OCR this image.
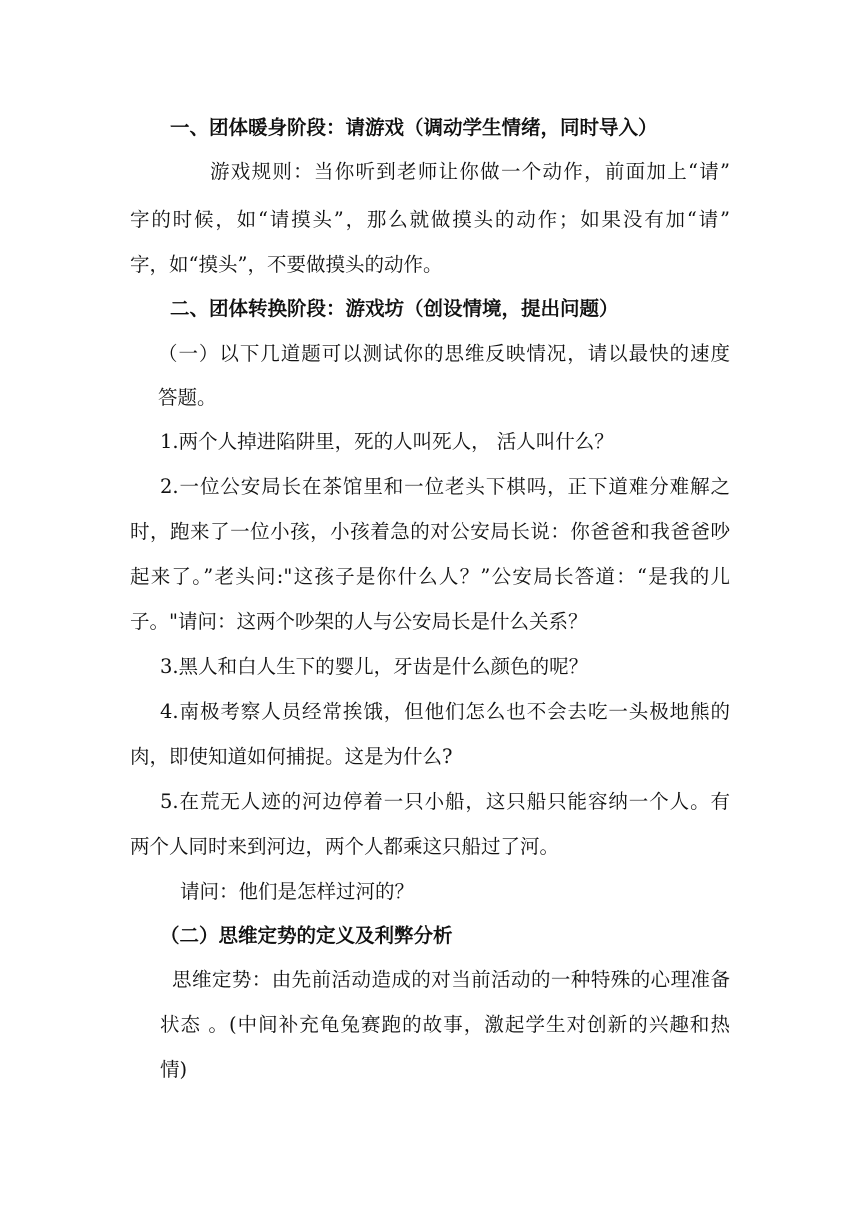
一、团体暖身阶段：请游戏（调动学生情绪，同时导入）
游戏规则：当你听到老师让你做一个动作，前面加上“请”
字的时候，如“请摸头”，那么就做摸头的动作；如果没有加“请”
字，如“摸头”，不要做摸头的动作。
二、团体转换阶段：游戏坊（创设情境，提出问题）
（一）以下几道题可以测试你的思维反映情况，请以最快的速度
答题。
1.两个人掉进陷阱里，死的人叫死人， 活人叫什么？
2.一位公安局长在茶馆里和一位老头下棋吗，正下道难分难解之
时，跑来了一位小孩，小孩着急的对公安局长说：你爸爸和我爸爸吵
起来了。”老头问:"这孩子是你什么人？”公安局长答道：“是我的儿
子。"请问：这两个吵架的人与公安局长是什么关系？
3.黑人和白人生下的婴儿，牙齿是什么颜色的呢？
4.南极考察人员经常挨饿，但他们怎么也不会去吃一头极地熊的
肉，即使知道如何捕捉。这是为什么?
5.在荒无人迹的河边停着一只小船，这只船只能容纳一个人。有
两个人同时来到河边，两个人都乘这只船过了河。
请问：他们是怎样过河的？
（二）思维定势的定义及利弊分析
思维定势：由先前活动造成的对当前活动的一种特殊的心理准备
状态 。(中间补充龟兔赛跑的故事，激起学生对创新的兴趣和热
情)
